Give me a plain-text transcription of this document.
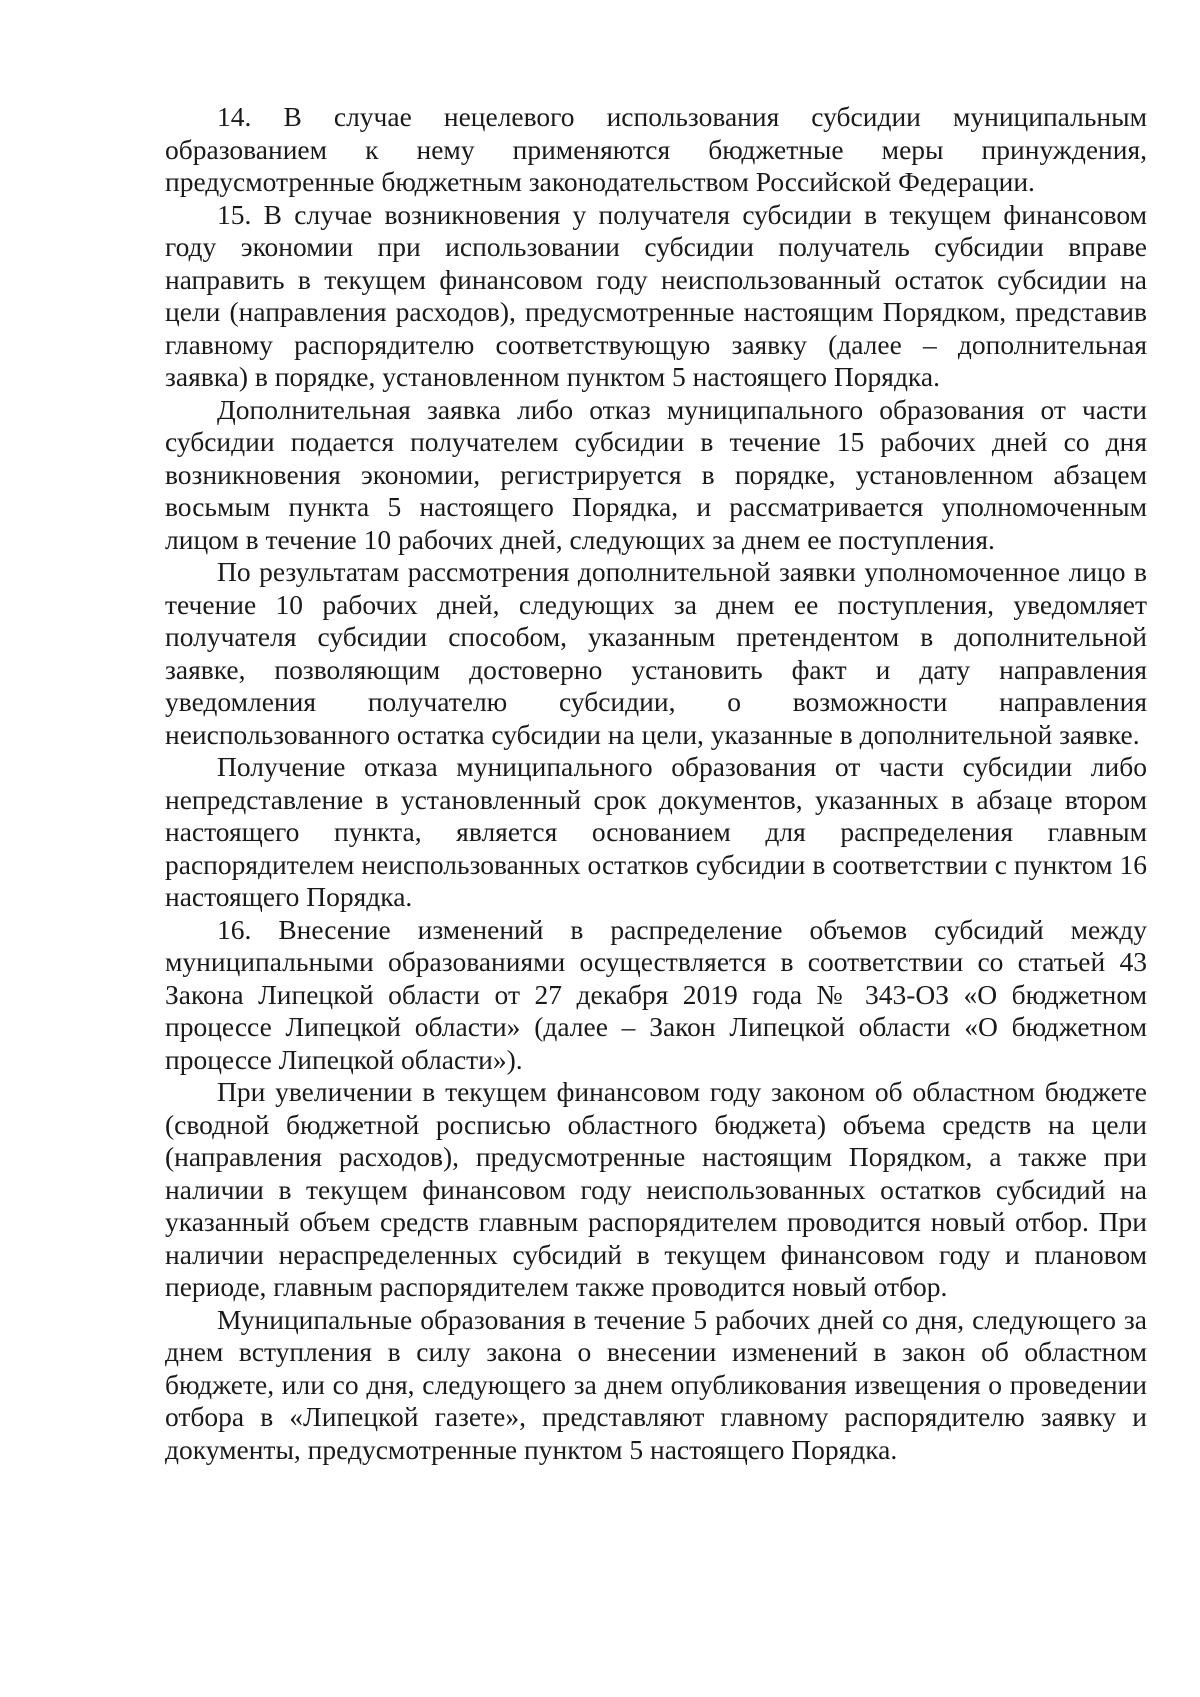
14. В случае нецелевого использования субсидии муниципальным образованием к нему применяются бюджетные меры принуждения, предусмотренные бюджетным законодательством Российской Федерации.

15. В случае возникновения у получателя субсидии в текущем финансовом году экономии при использовании субсидии получатель субсидии вправе направить в текущем финансовом году неиспользованный остаток субсидии на цели (направления расходов), предусмотренные настоящим Порядком, представив главному распорядителю соответствующую заявку (далее – дополнительная заявка) в порядке, установленном пунктом 5 настоящего Порядка.

Дополнительная заявка либо отказ муниципального образования от части субсидии подается получателем субсидии в течение 15 рабочих дней со дня возникновения экономии, регистрируется в порядке, установленном абзацем восьмым пункта 5 настоящего Порядка, и рассматривается уполномоченным лицом в течение 10 рабочих дней, следующих за днем ее поступления.

По результатам рассмотрения дополнительной заявки уполномоченное лицо в течение 10 рабочих дней, следующих за днем ее поступления, уведомляет получателя субсидии способом, указанным претендентом в дополнительной заявке, позволяющим достоверно установить факт и дату направления уведомления получателю субсидии, о возможности направления неиспользованного остатка субсидии на цели, указанные в дополнительной заявке.

Получение отказа муниципального образования от части субсидии либо непредставление в установленный срок документов, указанных в абзаце втором настоящего пункта, является основанием для распределения главным распорядителем неиспользованных остатков субсидии в соответствии с пунктом 16 настоящего Порядка.

16. Внесение изменений в распределение объемов субсидий между муниципальными образованиями осуществляется в соответствии со статьей 43 Закона Липецкой области от 27 декабря 2019 года № 343-ОЗ «О бюджетном процессе Липецкой области» (далее – Закон Липецкой области «О бюджетном процессе Липецкой области»).

При увеличении в текущем финансовом году законом об областном бюджете (сводной бюджетной росписью областного бюджета) объема средств на цели (направления расходов), предусмотренные настоящим Порядком, а также при наличии в текущем финансовом году неиспользованных остатков субсидий на указанный объем средств главным распорядителем проводится новый отбор. При наличии нераспределенных субсидий в текущем финансовом году и плановом периоде, главным распорядителем также проводится новый отбор.

Муниципальные образования в течение 5 рабочих дней со дня, следующего за днем вступления в силу закона о внесении изменений в закон об областном бюджете, или со дня, следующего за днем опубликования извещения о проведении отбора в «Липецкой газете», представляют главному распорядителю заявку и документы, предусмотренные пунктом 5 настоящего Порядка.
